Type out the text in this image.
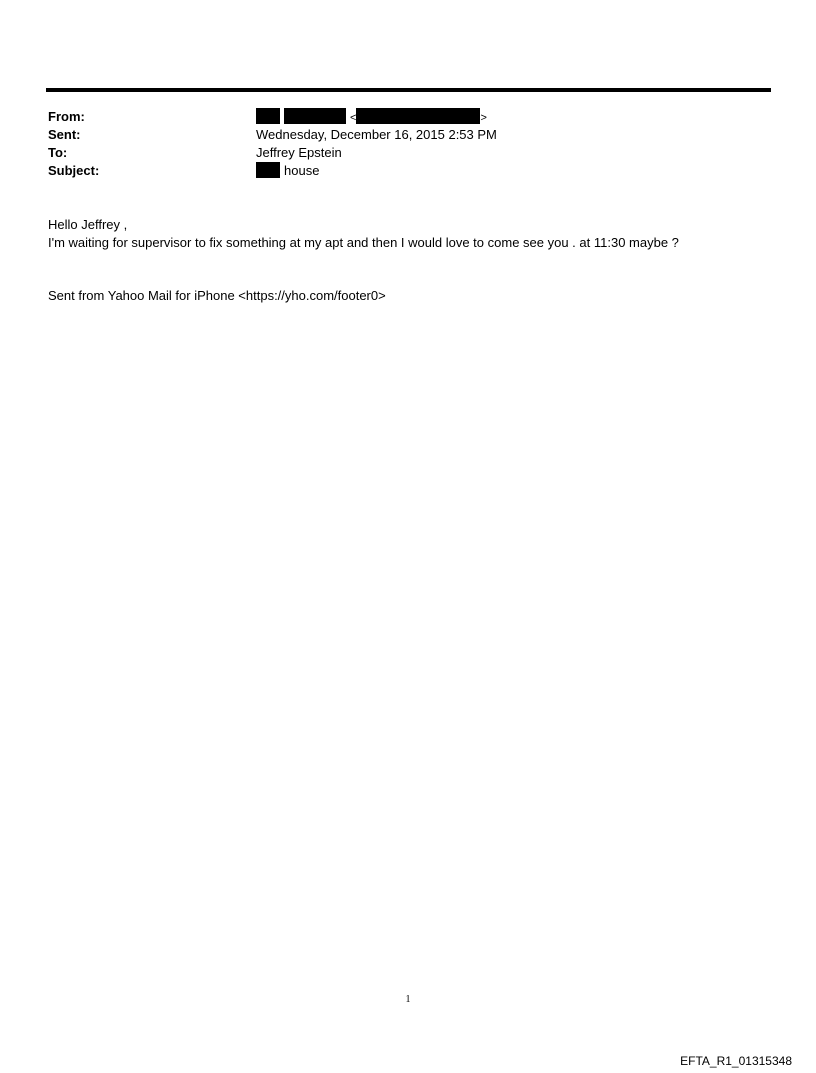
From:	<	>
Sent:	Wednesday, December 16, 2015 2:53 PM
To:	Jeffrey Epstein
Subject:	house
Hello Jeffrey ,
I'm waiting for supervisor to fix something at my apt and then I would love to come see you . at 11:30 maybe ?
Sent from Yahoo Mail for iPhone <https://yho.com/footer0>
1
EFTA_R1_01315348
